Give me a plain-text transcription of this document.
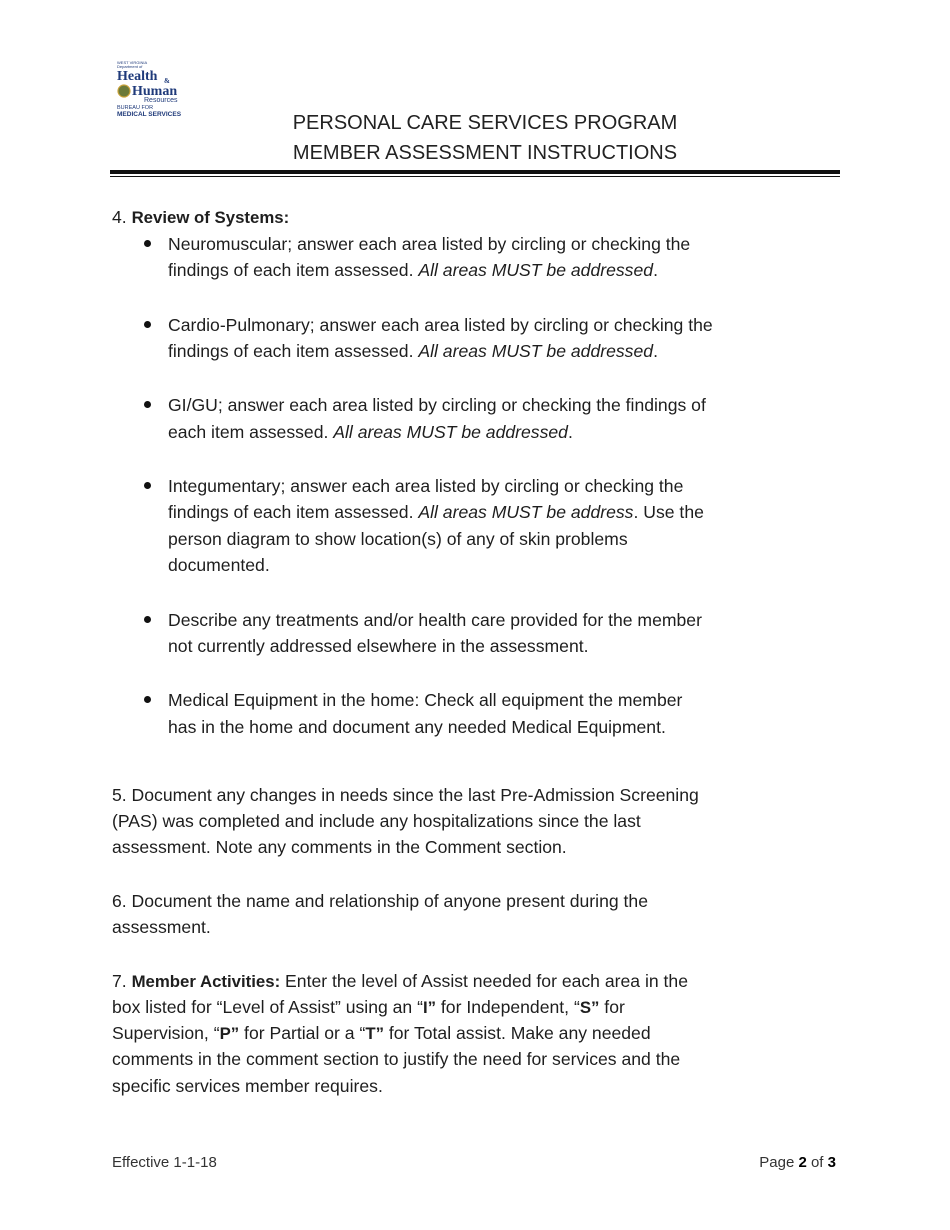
WEST VIRGINIA
Department of
Health &
Human
Resources
BUREAU FOR
MEDICAL SERVICES	PERSONAL CARE SERVICES PROGRAM
MEMBER ASSESSMENT INSTRUCTIONS
4. Review of Systems:
Neuromuscular; answer each area listed by circling or checking the
findings of each item assessed. All areas MUST be addressed.
Cardio-Pulmonary; answer each area listed by circling or checking the
findings of each item assessed. All areas MUST be addressed.
GI/GU; answer each area listed by circling or checking the findings of
each item assessed. All areas MUST be addressed.
Integumentary; answer each area listed by circling or checking the
findings of each item assessed. All areas MUST be address. Use the
person diagram to show location(s) of any of skin problems
documented.
Describe any treatments and/or health care provided for the member
not currently addressed elsewhere in the assessment.
Medical Equipment in the home: Check all equipment the member
has in the home and document any needed Medical Equipment.
5. Document any changes in needs since the last Pre-Admission Screening
(PAS) was completed and include any hospitalizations since the last
assessment. Note any comments in the Comment section.
6. Document the name and relationship of anyone present during the
assessment.
7. Member Activities: Enter the level of Assist needed for each area in the
box listed for “Level of Assist” using an “I” for Independent, “S” for
Supervision, “P” for Partial or a “T” for Total assist. Make any needed
comments in the comment section to justify the need for services and the
specific services member requires.
Effective 1-1-18	Page 2 of 3
